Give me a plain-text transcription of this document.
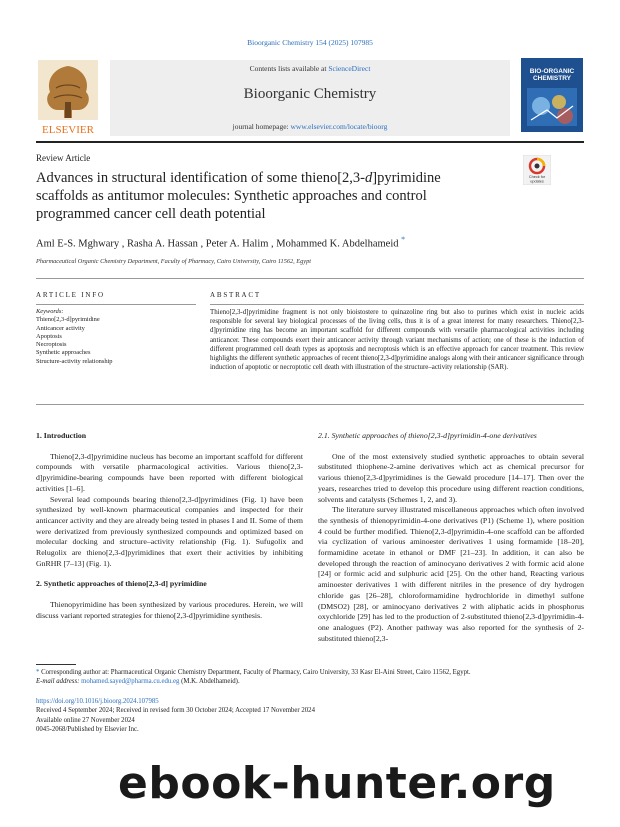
Bioorganic Chemistry 154 (2025) 107985
Contents lists available at ScienceDirect
Bioorganic Chemistry
journal homepage: www.elsevier.com/locate/bioorg
ELSEVIER
BIO-ORGANIC
CHEMISTRY
Review Article
Advances in structural identification of some thieno[2,3-d]pyrimidine scaffolds as antitumor molecules: Synthetic approaches and control programmed cancer cell death potential
Check for
updates
Aml E-S. Mghwary , Rasha A. Hassan , Peter A. Halim , Mohammed K. Abdelhameid *
Pharmaceutical Organic Chemistry Department, Faculty of Pharmacy, Cairo University, Cairo 11562, Egypt
ARTICLE INFO	ABSTRACT
Keywords:
Thieno[2,3-d]pyrimidine
Anticancer activity
Apoptosis
Necroptosis
Synthetic approaches
Structure-activity relationship
Thieno[2,3-d]pyrimidine fragment is not only bioistostere to quinazoline ring but also to purines which exist in nucleic acids responsible for several key biological processes of the living cells, thus it is of a great interest for many researchers. Thieno[2,3-d]pyrimidine ring has become an important scaffold for different compounds with versatile pharmacological activities including anticancer. These compounds exert their anticancer activity through variant mechanisms of action; one of these is the induction of different programmed cell death types as apoptosis and necroptosis which is an effective approach for cancer treatment. This review highlights the different synthetic approaches of recent thieno[2,3-d]pyrimidine analogs along with their anticancer significance through induction of apoptotic or necroptotic cell death with illustration of the structure–activity relationship (SAR).

1. Introduction

Thieno[2,3-d]pyrimidine nucleus has become an important scaffold for different compounds with versatile pharmacological activities. Various thieno[2,3-d]pyrimidine-bearing compounds have been reported with different biological activities [1–6].

Several lead compounds bearing thieno[2,3-d]pyrimidines (Fig. 1) have been synthesized by well-known pharmaceutical companies and inspected for their anticancer activity and they are already being tested in phases I and II. Some of them were derivatized from previously synthesized compounds and optimized based on molecular docking and structure–activity relationship (Fig. 1). Sufugolix and Relugolix are thieno[2,3-d]pyrimidines that exert their activities by inhibiting GnRHR [7–13] (Fig. 1).

2. Synthetic approaches of thieno[2,3-d] pyrimidine

Thienopyrimidine has been synthesized by various procedures. Herein, we will discuss variant reported strategies for thieno[2,3-d]pyrimidine synthesis.

2.1. Synthetic approaches of thieno[2,3-d]pyrimidin-4-one derivatives

One of the most extensively studied synthetic approaches to obtain several substituted thiophene-2-amine derivatives which act as chemical precursor for various thieno[2,3-d]pyrimidines is the Gewald procedure [14–17]. Then over the years, researches tried to develop this procedure using different reaction conditions, solvents and catalysts (Schemes 1, 2, and 3).

The literature survey illustrated miscellaneous approaches which often involved the synthesis of thienopyrimidin-4-one derivatives (P1) (Scheme 1), where position 4 could be further modified. Thieno[2,3-d]pyrimidin-4-one scaffold can be afforded via cyclization of various aminoester derivatives 1 using formamide [18–20], formamidine acetate in ethanol or DMF [21–23]. In addition, it can also be developed through the reaction of aminocyano derivatives 2 with formic acid alone [24] or formic acid and sulphuric acid [25]. On the other hand, Reacting various aminoester derivatives 1 with different nitriles in the presence of dry hydrogen chloride gas [26–28], chloroformamidine hydrochloride in dimethyl sulfone (DMSO2) [28], or aminocyano derivatives 2 with aliphatic acids in phosphorus oxychloride [29] has led to the production of 2-substituted thieno[2,3-d]pyrimidin-4-one analogues (P2). Another pathway was also reported for the synthesis of 2-substituted thieno[2,3-

* Corresponding author at: Pharmaceutical Organic Chemistry Department, Faculty of Pharmacy, Cairo University, 33 Kasr El-Aini Street, Cairo 11562, Egypt.
E-mail address: mohamed.sayed@pharma.cu.edu.eg (M.K. Abdelhameid).
https://doi.org/10.1016/j.bioorg.2024.107985
Received 4 September 2024; Received in revised form 30 October 2024; Accepted 17 November 2024
Available online 27 November 2024
0045-2068/Published by Elsevier Inc.
ebook-hunter.org
